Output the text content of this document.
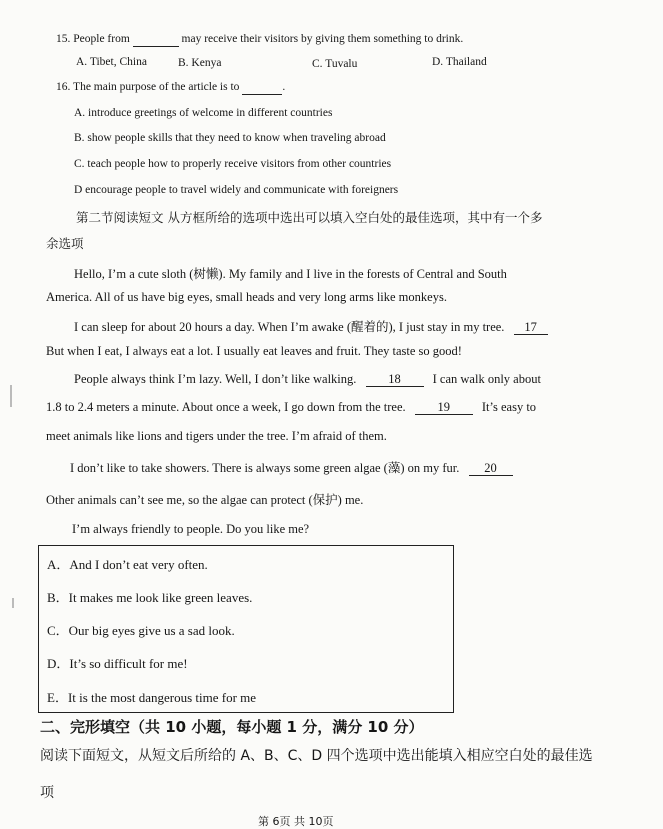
15. People from	may receive their visitors by giving them something to drink.
A. Tibet, China	B. Kenya	C. Tuvalu	D. Thailand
16. The main purpose of the article is to	.
A. introduce greetings of welcome in different countries
B. show people skills that they need to know when traveling abroad
C. teach people how to properly receive visitors from other countries
D encourage people to travel widely and communicate with foreigners
第二节阅读短文 从方框所给的选项中选出可以填入空白处的最佳选项，其中有一个多
余选项
Hello, I’m a cute sloth (树懒). My family and I live in the forests of Central and South
America. All of us have big eyes, small heads and very long arms like monkeys.
I can sleep for about 20 hours a day. When I’m awake (醒着的), I just stay in my tree. 17
But when I eat, I always eat a lot. I usually eat leaves and fruit. They taste so good!
People always think I’m lazy. Well, I don’t like walking.	18	I can walk only about
1.8 to 2.4 meters a minute. About once a week, I go down from the tree.	19	It’s easy to
meet animals like lions and tigers under the tree. I’m afraid of them.
I don’t like to take showers. There is always some green algae (藻) on my fur. 20
Other animals can’t see me, so the algae can protect (保护) me.
I’m always friendly to people. Do you like me?
A．And I don’t eat very often.
B．It makes me look like green leaves.
C．Our big eyes give us a sad look.
D．It’s so difficult for me!
E．It is the most dangerous time for me
二、完形填空（共 10 小题，每小题 1 分，满分 10 分）
阅读下面短文，从短文后所给的 A、B、C、D 四个选项中选出能填入相应空白处的最佳选
项
第 6页 共 10页
